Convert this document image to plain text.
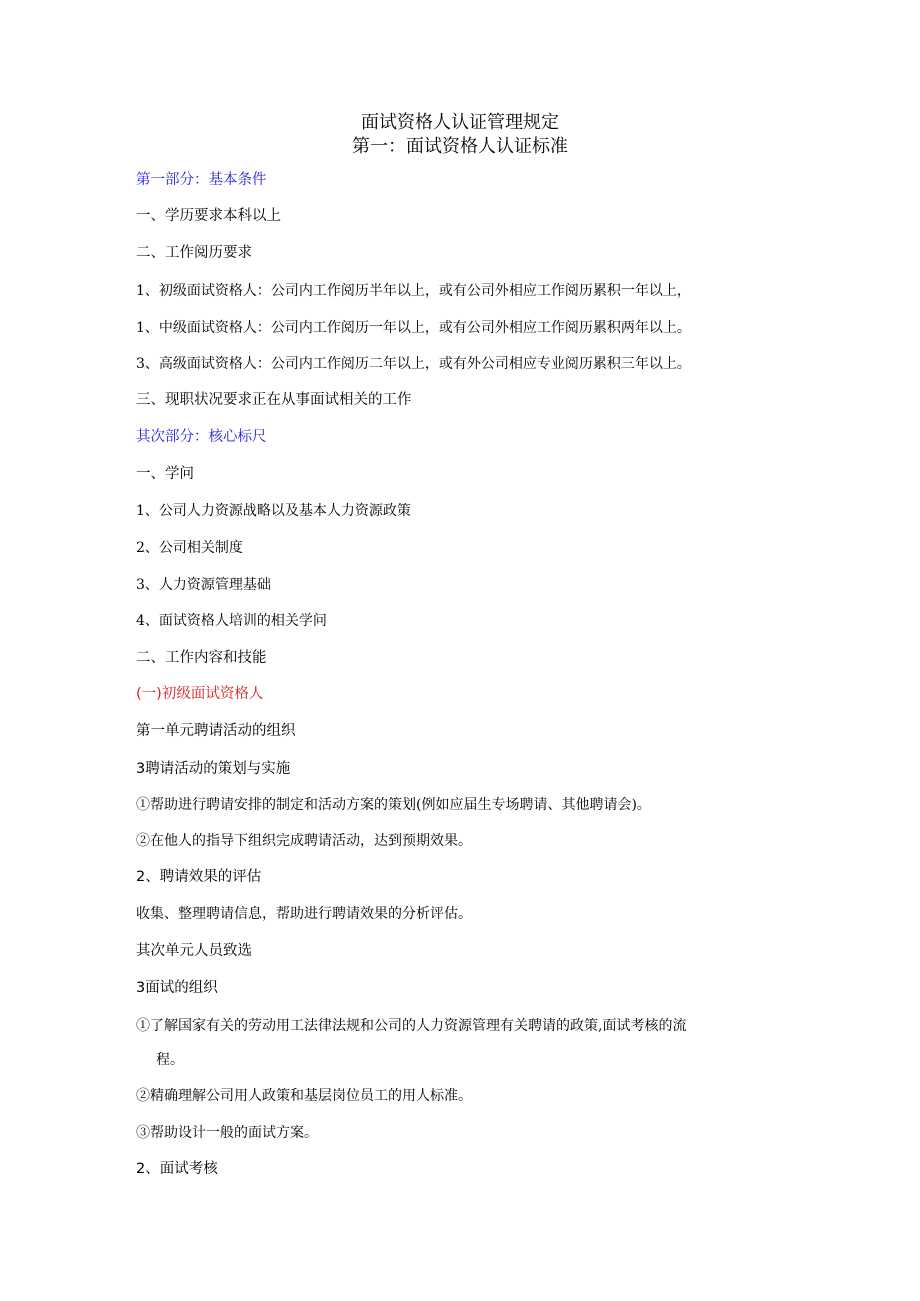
面试资格人认证管理规定
第一：面试资格人认证标准
第一部分：基本条件
一、学历要求本科以上
二、工作阅历要求
1、初级面试资格人：公司内工作阅历半年以上，或有公司外相应工作阅历累积一年以上，
1、中级面试资格人：公司内工作阅历一年以上，或有公司外相应工作阅历累积两年以上。
3、高级面试资格人：公司内工作阅历二年以上，或有外公司相应专业阅历累积三年以上。
三、现职状况要求正在从事面试相关的工作
其次部分：核心标尺
一、学问
1、公司人力资源战略以及基本人力资源政策
2、公司相关制度
3、人力资源管理基础
4、面试资格人培训的相关学问
二、工作内容和技能
(一)初级面试资格人
第一单元聘请活动的组织
3聘请活动的策划与实施
①帮助进行聘请安排的制定和活动方案的策划(例如应届生专场聘请、其他聘请会)。
②在他人的指导下组织完成聘请活动，达到预期效果。
2、聘请效果的评估
收集、整理聘请信息，帮助进行聘请效果的分析评估。
其次单元人员致选
3面试的组织
①了解国家有关的劳动用工法律法规和公司的人力资源管理有关聘请的政策,面试考核的流
程。
②精确理解公司用人政策和基层岗位员工的用人标准。
③帮助设计一般的面试方案。
2、面试考核
